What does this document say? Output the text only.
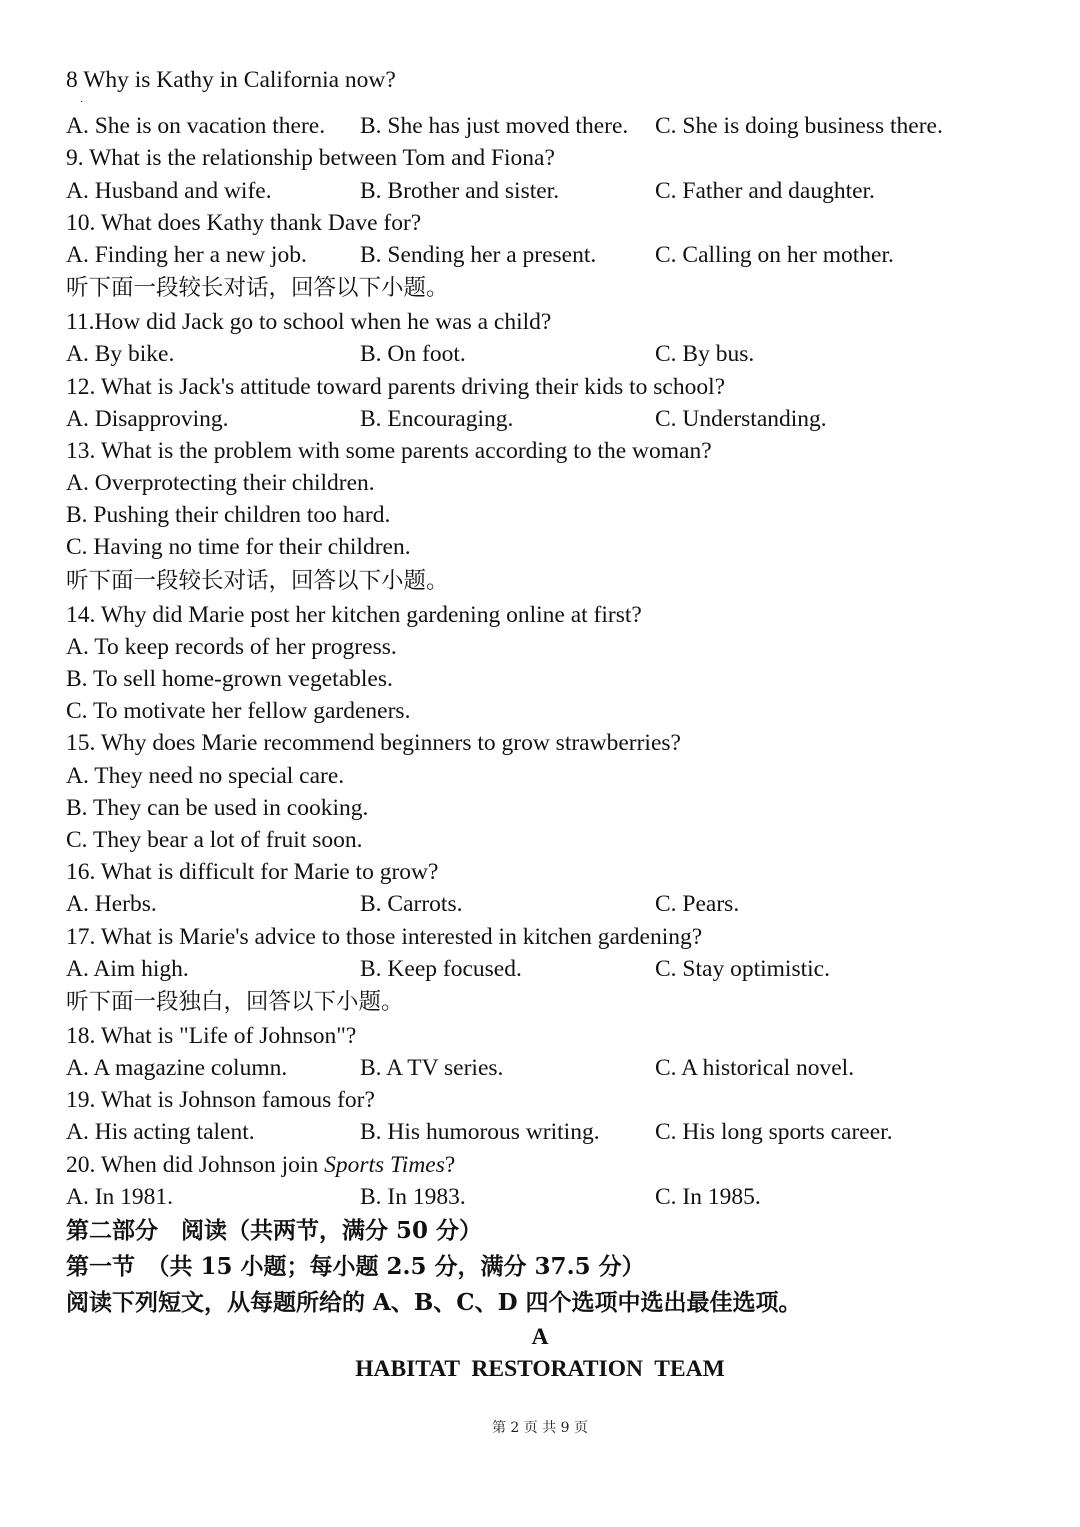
8 Why is Kathy in California now?
·
A. She is on vacation there. B. She has just moved there. C. She is doing business there.
9. What is the relationship between Tom and Fiona?
A. Husband and wife.	B. Brother and sister.	C. Father and daughter.
10. What does Kathy thank Dave for?
A. Finding her a new job. B. Sending her a present. C. Calling on her mother.
听下面一段较长对话，回答以下小题。
11.How did Jack go to school when he was a child?
A. By bike.	B. On foot.	C. By bus.
12. What is Jack's attitude toward parents driving their kids to school?
A. Disapproving.	B. Encouraging.	C. Understanding.
13. What is the problem with some parents according to the woman?
A. Overprotecting their children.
B. Pushing their children too hard.
C. Having no time for their children.
听下面一段较长对话，回答以下小题。
14. Why did Marie post her kitchen gardening online at first?
A. To keep records of her progress.
B. To sell home-grown vegetables.
C. To motivate her fellow gardeners.
15. Why does Marie recommend beginners to grow strawberries?
A. They need no special care.
B. They can be used in cooking.
C. They bear a lot of fruit soon.
16. What is difficult for Marie to grow?
A. Herbs.	B. Carrots.	C. Pears.
17. What is Marie's advice to those interested in kitchen gardening?
A. Aim high.	B. Keep focused.	C. Stay optimistic.
听下面一段独白，回答以下小题。
18. What is "Life of Johnson"?
A. A magazine column.	B. A TV series.	C. A historical novel.
19. What is Johnson famous for?
A. His acting talent.	B. His humorous writing. C. His long sports career.
20. When did Johnson join Sports Times?
A. In 1981.	B. In 1983.	C. In 1985.
第二部分　阅读（共两节，满分 50 分）
第一节　（共 15 小题；每小题 2.5 分，满分 37.5 分）
阅读下列短文，从每题所给的 A、B、C、D 四个选项中选出最佳选项。
A
HABITAT  RESTORATION  TEAM
第 2 页 共 9 页
